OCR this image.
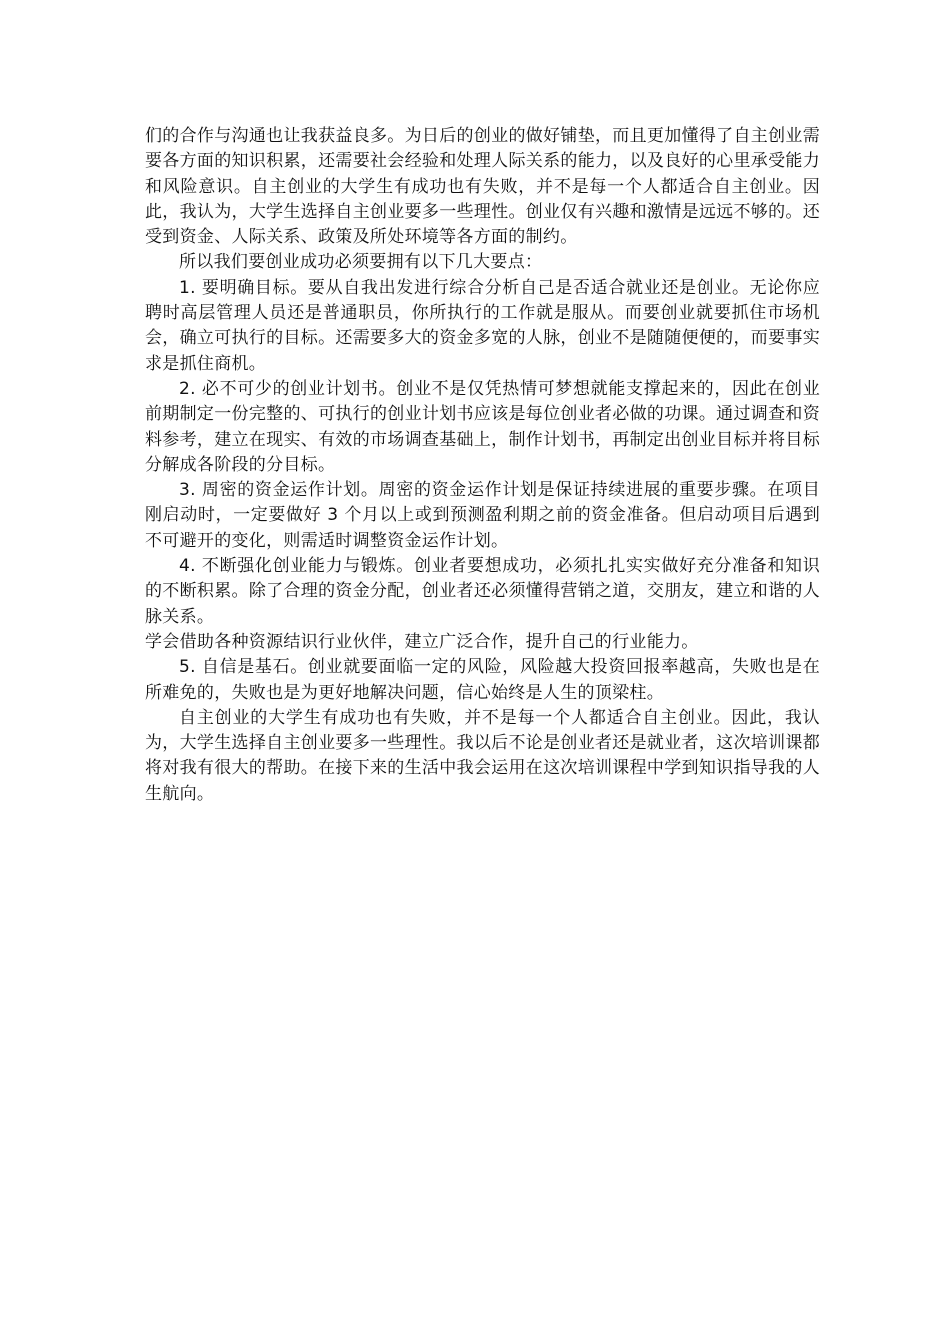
们的合作与沟通也让我获益良多。为日后的创业的做好铺垫，而且更加懂得了自主创业需要各方面的知识积累，还需要社会经验和处理人际关系的能力，以及良好的心里承受能力和风险意识。自主创业的大学生有成功也有失败，并不是每一个人都适合自主创业。因此，我认为，大学生选择自主创业要多一些理性。创业仅有兴趣和激情是远远不够的。还受到资金、人际关系、政策及所处环境等各方面的制约。

所以我们要创业成功必须要拥有以下几大要点：

1. 要明确目标。要从自我出发进行综合分析自己是否适合就业还是创业。无论你应聘时高层管理人员还是普通职员，你所执行的工作就是服从。而要创业就要抓住市场机会，确立可执行的目标。还需要多大的资金多宽的人脉，创业不是随随便便的，而要事实求是抓住商机。

2. 必不可少的创业计划书。创业不是仅凭热情可梦想就能支撑起来的，因此在创业前期制定一份完整的、可执行的创业计划书应该是每位创业者必做的功课。通过调查和资料参考，建立在现实、有效的市场调查基础上，制作计划书，再制定出创业目标并将目标分解成各阶段的分目标。

3. 周密的资金运作计划。周密的资金运作计划是保证持续进展的重要步骤。在项目刚启动时，一定要做好 3 个月以上或到预测盈利期之前的资金准备。但启动项目后遇到不可避开的变化，则需适时调整资金运作计划。

4. 不断强化创业能力与锻炼。创业者要想成功，必须扎扎实实做好充分准备和知识的不断积累。除了合理的资金分配，创业者还必须懂得营销之道，交朋友，建立和谐的人脉关系。

学会借助各种资源结识行业伙伴，建立广泛合作，提升自己的行业能力。

5. 自信是基石。创业就要面临一定的风险，风险越大投资回报率越高，失败也是在所难免的，失败也是为更好地解决问题，信心始终是人生的顶梁柱。

自主创业的大学生有成功也有失败，并不是每一个人都适合自主创业。因此，我认为，大学生选择自主创业要多一些理性。我以后不论是创业者还是就业者，这次培训课都将对我有很大的帮助。在接下来的生活中我会运用在这次培训课程中学到知识指导我的人生航向。
